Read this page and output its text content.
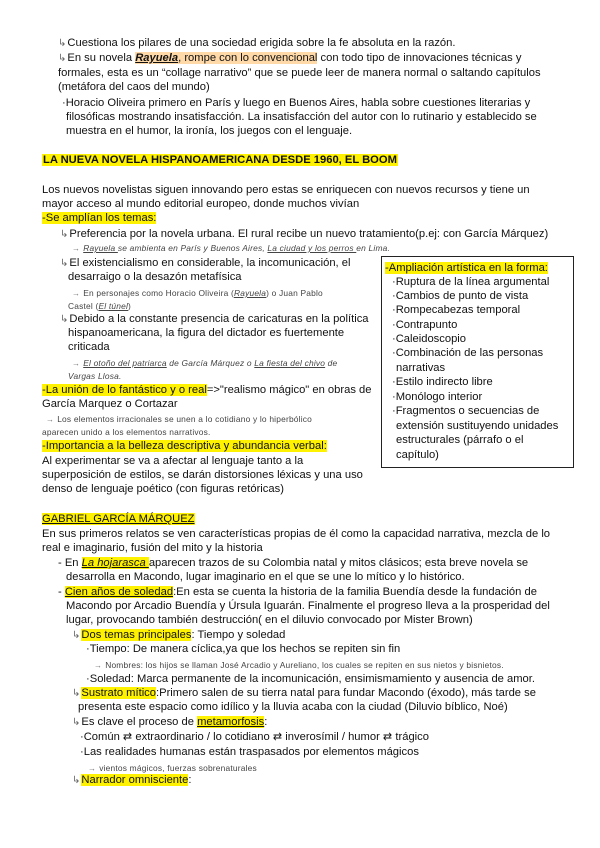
↳Cuestiona los pilares de una sociedad erigida sobre la fe absoluta en la razón.
↳En su novela Rayuela, rompe con lo convencional con todo tipo de innovaciones técnicas y
formales, esta es un “collage narrativo” que se puede leer de manera normal o saltando capítulos
(metáfora del caos del mundo)
·Horacio Oliveira primero en París y luego en Buenos Aires, habla sobre cuestiones literarias y
filosóficas mostrando insatisfacción. La insatisfacción del autor con lo rutinario y establecido se
muestra en el humor, la ironía, los juegos con el lenguaje.
LA NUEVA NOVELA HISPANOAMERICANA DESDE 1960, EL BOOM
Los nuevos novelistas siguen innovando pero estas se enriquecen con nuevos recursos y tiene un
mayor acceso al mundo editorial europeo, donde muchos vivían
-Se amplían los temas:
↳Preferencia por la novela urbana. El rural recibe un nuevo tratamiento(p.ej: con García Márquez)
→ Rayuela se ambienta en París y Buenos Aires, La ciudad y los perros en Lima.
↳El existencialismo en considerable, la incomunicación, el
desarraigo o la desazón metafísica
→ En personajes como Horacio Oliveira (Rayuela) o Juan Pablo
Castel (El túnel)
↳Debido a la constante presencia de caricaturas en la política
hispanoamericana, la figura del dictador es fuertemente
criticada
→ El otoño del patriarca de García Márquez o La fiesta del chivo de
Vargas Llosa.
-La unión de lo fantástico y o real=>"realismo mágico" en obras de
García Marquez o Cortazar
→ Los elementos irracionales se unen a lo cotidiano y lo hiperbólico
aparecen unido a los elementos narrativos.
-Importancia a la belleza descriptiva y abundancia verbal:
Al experimentar se va a afectar al lenguaje tanto a la
superposición de estilos, se darán distorsiones léxicas y una uso
denso de lenguaje poético (con figuras retóricas)
-Ampliación artística en la forma:
·Ruptura de la línea argumental
·Cambios de punto de vista
·Rompecabezas temporal
·Contrapunto
·Caleidoscopio
·Combinación de las personas
narrativas
·Estilo indirecto libre
·Monólogo interior
·Fragmentos o secuencias de
extensión sustituyendo unidades
estructurales (párrafo o el
capítulo)
GABRIEL GARCÍA MÁRQUEZ
En sus primeros relatos se ven características propias de él como la capacidad narrativa, mezcla de lo
real e imaginario, fusión del mito y la historia
- En La hojarasca aparecen trazos de su Colombia natal y mitos clásicos; esta breve novela se
desarrolla en Macondo, lugar imaginario en el que se une lo mítico y lo histórico.
- Cien años de soledad:En esta se cuenta la historia de la familia Buendía desde la fundación de
Macondo por Arcadio Buendía y Úrsula Iguarán. Finalmente el progreso lleva a la prosperidad del
lugar, provocando también destrucción( en el diluvio convocado por Mister Brown)
↳Dos temas principales: Tiempo y soledad
·Tiempo: De manera cíclica,ya que los hechos se repiten sin fin
→ Nombres: los hijos se llaman José Arcadio y Aureliano, los cuales se repiten en sus nietos y bisnietos.
·Soledad: Marca permanente de la incomunicación, ensimismamiento y ausencia de amor.
↳Sustrato mítico:Primero salen de su tierra natal para fundar Macondo (éxodo), más tarde se
presenta este espacio como idílico y la lluvia acaba con la ciudad (Diluvio bíblico, Noé)
↳Es clave el proceso de metamorfosis:
·Común ⇄ extraordinario / lo cotidiano ⇄ inverosímil / humor ⇄ trágico
·Las realidades humanas están traspasados por elementos mágicos
→ vientos mágicos, fuerzas sobrenaturales
↳Narrador omnisciente:
